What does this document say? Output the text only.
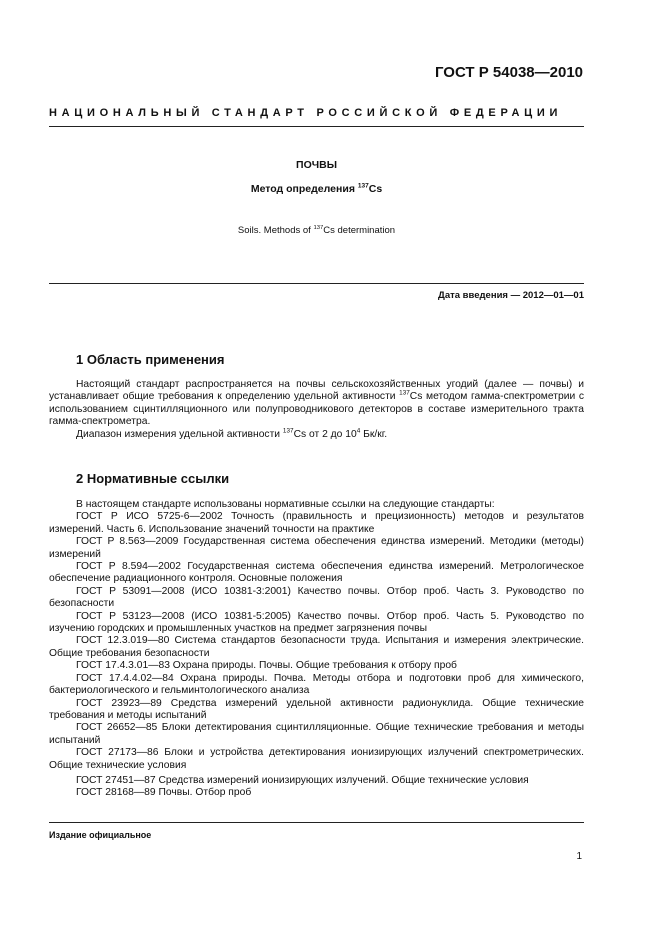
ГОСТ Р 54038—2010
НАЦИОНАЛЬНЫЙ СТАНДАРТ РОССИЙСКОЙ ФЕДЕРАЦИИ
ПОЧВЫ
Метод определения $^{137}$Cs
Soils. Methods of $^{137}$Cs determination
Дата введения — 2012—01—01
1 Область применения

Настоящий стандарт распространяется на почвы сельскохозяйственных угодий (далее — почвы) и устанавливает общие требования к определению удельной активности $^{137}$Cs методом гамма-спектрометрии с использованием сцинтилляционного или полупроводникового детекторов в составе измерительного тракта гамма-спектрометра.

Диапазон измерения удельной активности $^{137}$Cs от 2 до $10^4$ Бк/кг.

2 Нормативные ссылки

В настоящем стандарте использованы нормативные ссылки на следующие стандарты:

ГОСТ Р ИСО 5725-6—2002 Точность (правильность и прецизионность) методов и результатов измерений. Часть 6. Использование значений точности на практике

ГОСТ Р 8.563—2009 Государственная система обеспечения единства измерений. Методики (методы) измерений

ГОСТ Р 8.594—2002 Государственная система обеспечения единства измерений. Метрологическое обеспечение радиационного контроля. Основные положения

ГОСТ Р 53091—2008 (ИСО 10381-3:2001) Качество почвы. Отбор проб. Часть 3. Руководство по безопасности

ГОСТ Р 53123—2008 (ИСО 10381-5:2005) Качество почвы. Отбор проб. Часть 5. Руководство по изучению городских и промышленных участков на предмет загрязнения почвы

ГОСТ 12.3.019—80 Система стандартов безопасности труда. Испытания и измерения электрические. Общие требования безопасности

ГОСТ 17.4.3.01—83 Охрана природы. Почвы. Общие требования к отбору проб

ГОСТ 17.4.4.02—84 Охрана природы. Почва. Методы отбора и подготовки проб для химического, бактериологического и гельминтологического анализа

ГОСТ 23923—89 Средства измерений удельной активности радионуклида. Общие технические требования и методы испытаний

ГОСТ 26652—85 Блоки детектирования сцинтилляционные. Общие технические требования и методы испытаний

ГОСТ 27173—86 Блоки и устройства детектирования ионизирующих излучений спектрометрических. Общие технические условия

ГОСТ 27451—87 Средства измерений ионизирующих излучений. Общие технические условия

ГОСТ 28168—89 Почвы. Отбор проб

Издание официальное
1
